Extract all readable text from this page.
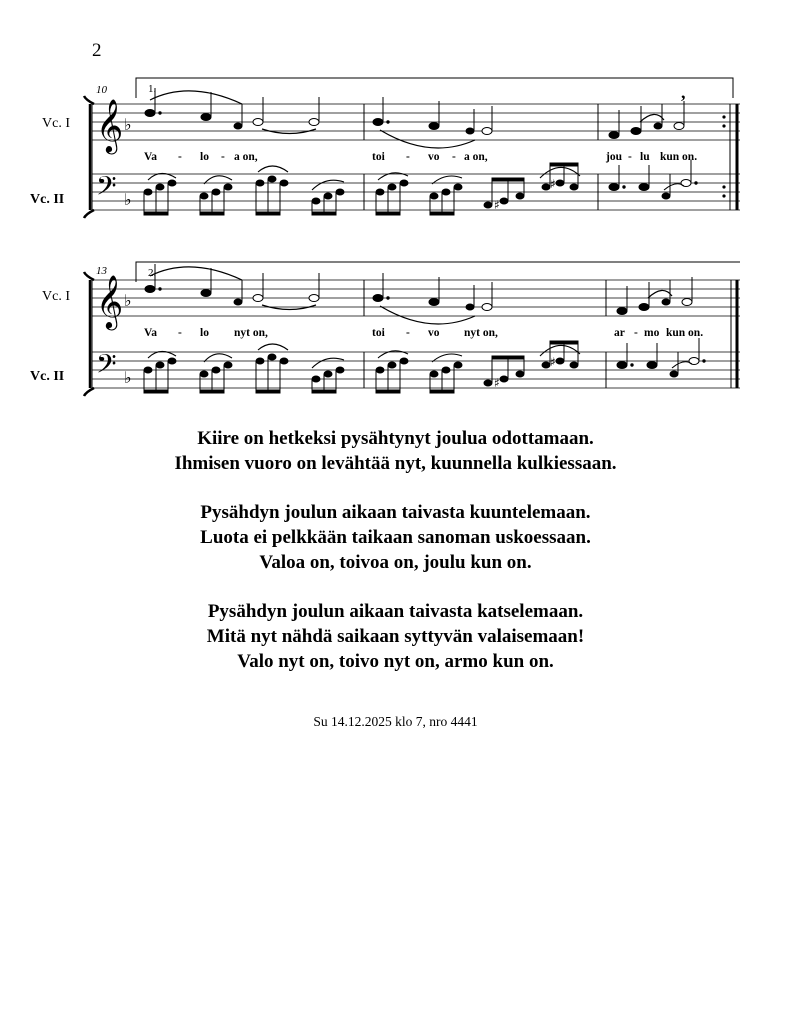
2
10	1.
Vc. I
Vc. II
𝄞
𝄢
♭
♭
,
♯
♯
Va - lo - a on,	toi - vo - a on,	jou - lu kun on.
13	2.
Vc. I
Vc. II
𝄞
𝄢
♭
♭	♯
♯
Va - lo nyt on,	toi - vo nyt on,	ar - mo kun on.
Kiire on hetkeksi pysähtynyt joulua odottamaan.
Ihmisen vuoro on levähtää nyt, kuunnella kulkiessaan.
Pysähdyn joulun aikaan taivasta kuuntelemaan.
Luota ei pelkkään taikaan sanoman uskoessaan.
Valoa on, toivoa on, joulu kun on.
Pysähdyn joulun aikaan taivasta katselemaan.
Mitä nyt nähdä saikaan syttyvän valaisemaan!
Valo nyt on, toivo nyt on, armo kun on.
Su 14.12.2025 klo 7, nro 4441
